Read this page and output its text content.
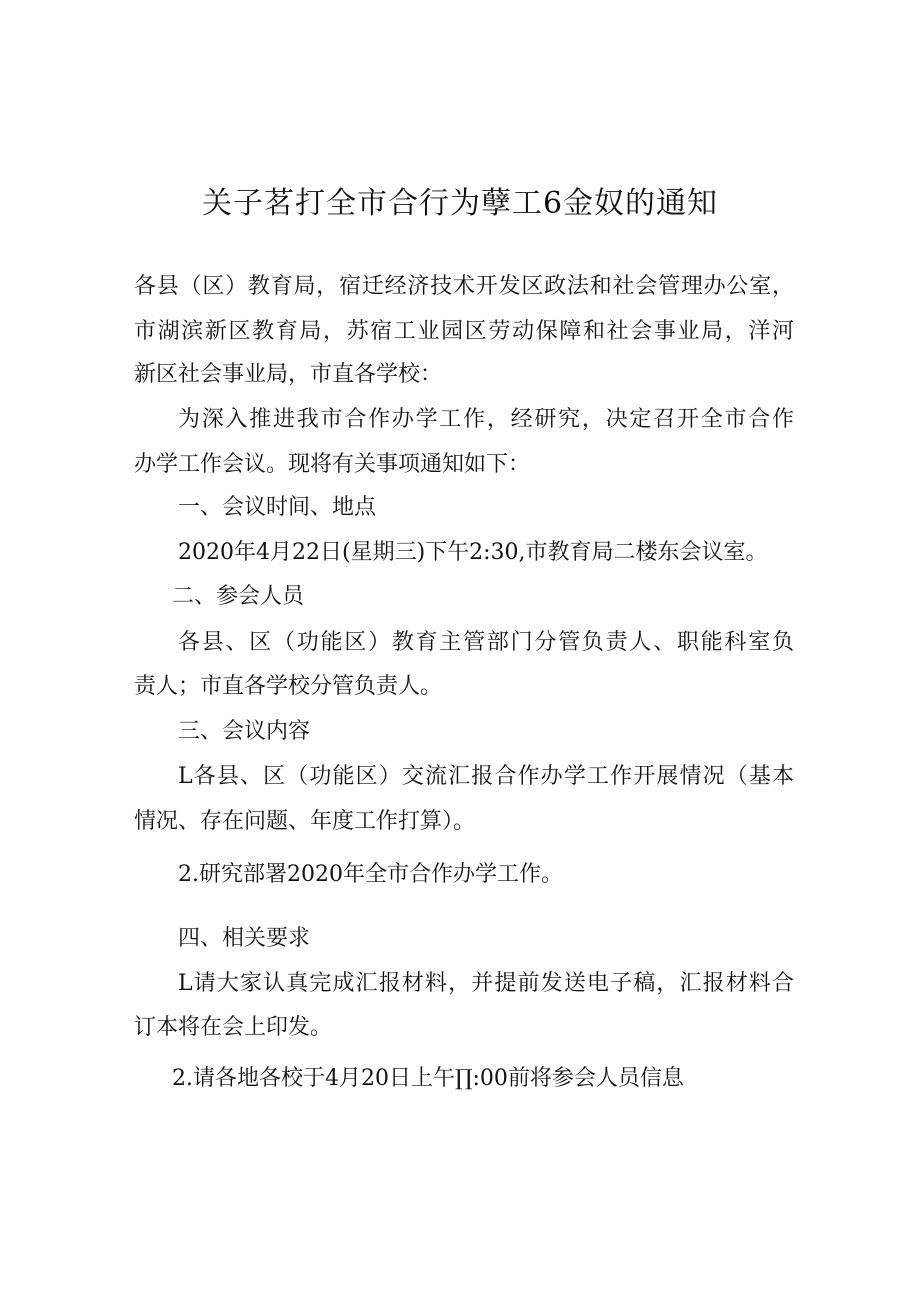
关子茗打全市合行为孽工6金奴的通知
各县（区）教育局，宿迁经济技术开发区政法和社会管理办公室，
市湖滨新区教育局，苏宿工业园区劳动保障和社会事业局，洋河
新区社会事业局，市直各学校：
为深入推进我市合作办学工作，经研究，决定召开全市合作
办学工作会议。现将有关事项通知如下：
一、会议时间、地点
2020年4月22日(星期三)下午2:30,市教育局二楼东会议室。
二、参会人员
各县、区（功能区）教育主管部门分管负责人、职能科室负
责人；市直各学校分管负责人。
三、会议内容
L各县、区（功能区）交流汇报合作办学工作开展情况（基本
情况、存在问题、年度工作打算）。
2.研究部署2020年全市合作办学工作。
四、相关要求
L请大家认真完成汇报材料，并提前发送电子稿，汇报材料合
订本将在会上印发。
2.请各地各校于4月20日上午∏:00前将参会人员信息
